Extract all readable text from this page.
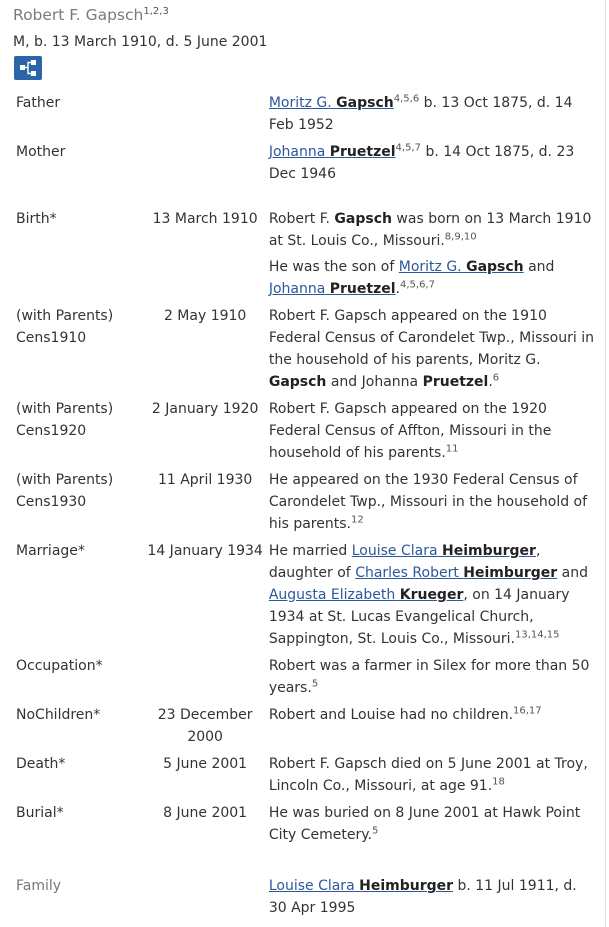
Robert F. Gapsch$^{1,2,3}$
M, b. 13 March 1910, d. 5 June 2001
Father		Moritz G. Gapsch$^{4,5,6}$ b. 13 Oct 1875, d. 14 Feb 1952
Mother		Johanna Pruetzel$^{4,5,7}$ b. 14 Oct 1875, d. 23 Dec 1946

Birth*	13 March 1910	Robert F. Gapsch was born on 13 March 1910 at St. Louis Co., Missouri.$^{8,9,10}$
He was the son of Moritz G. Gapsch and Johanna Pruetzel.$^{4,5,6,7}$

(with Parents)
Cens1910	2 May 1910	Robert F. Gapsch appeared on the 1910 Federal Census of Carondelet Twp., Missouri in the household of his parents, Moritz G. Gapsch and Johanna Pruetzel.$^6$
(with Parents)
Cens1920	2 January 1920	Robert F. Gapsch appeared on the 1920 Federal Census of Affton, Missouri in the household of his parents.$^{11}$
(with Parents)
Cens1930	11 April 1930	He appeared on the 1930 Federal Census of Carondelet Twp., Missouri in the household of his parents.$^{12}$
Marriage*	14 January 1934	He married Louise Clara Heimburger, daughter of Charles Robert Heimburger and Augusta Elizabeth Krueger, on 14 January 1934 at St. Lucas Evangelical Church, Sappington, St. Louis Co., Missouri.$^{13,14,15}$
Occupation*		Robert was a farmer in Silex for more than 50 years.$^5$
NoChildren*	23 December 2000	Robert and Louise had no children.$^{16,17}$
Death*	5 June 2001	Robert F. Gapsch died on 5 June 2001 at Troy, Lincoln Co., Missouri, at age 91.18
Burial*	8 June 2001	He was buried on 8 June 2001 at Hawk Point City Cemetery.$^5$

Family		Louise Clara Heimburger b. 11 Jul 1911, d. 30 Apr 1995
